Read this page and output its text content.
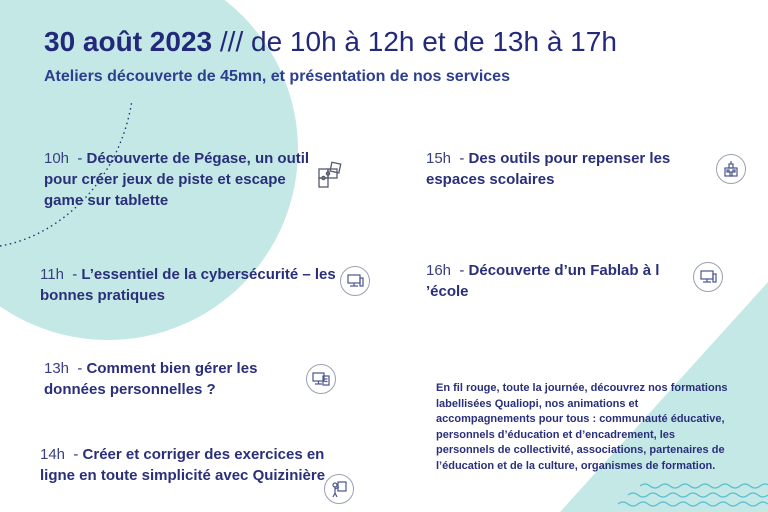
30 août 2023 /// de 10h à 12h et de 13h à 17h

Ateliers découverte de 45mn, et présentation de nos services

10h  - Découverte de Pégase, un outil pour créer jeux de piste et escape game sur tablette
15h  - Des outils pour repenser les espaces scolaires
11h  - L’essentiel de la cybersécurité – les bonnes pratiques
16h  - Découverte d’un Fablab à l ’école
13h  - Comment bien gérer les données personnelles ?
14h  - Créer et corriger des exercices en ligne en toute simplicité avec Quizinière

En fil rouge, toute la journée, découvrez nos formations labellisées Qualiopi, nos animations et accompagnements pour tous : communauté éducative, personnels d’éducation et d’encadrement, les personnels de collectivité, associations, partenaires de l’éducation et de la culture, organismes de formation.
